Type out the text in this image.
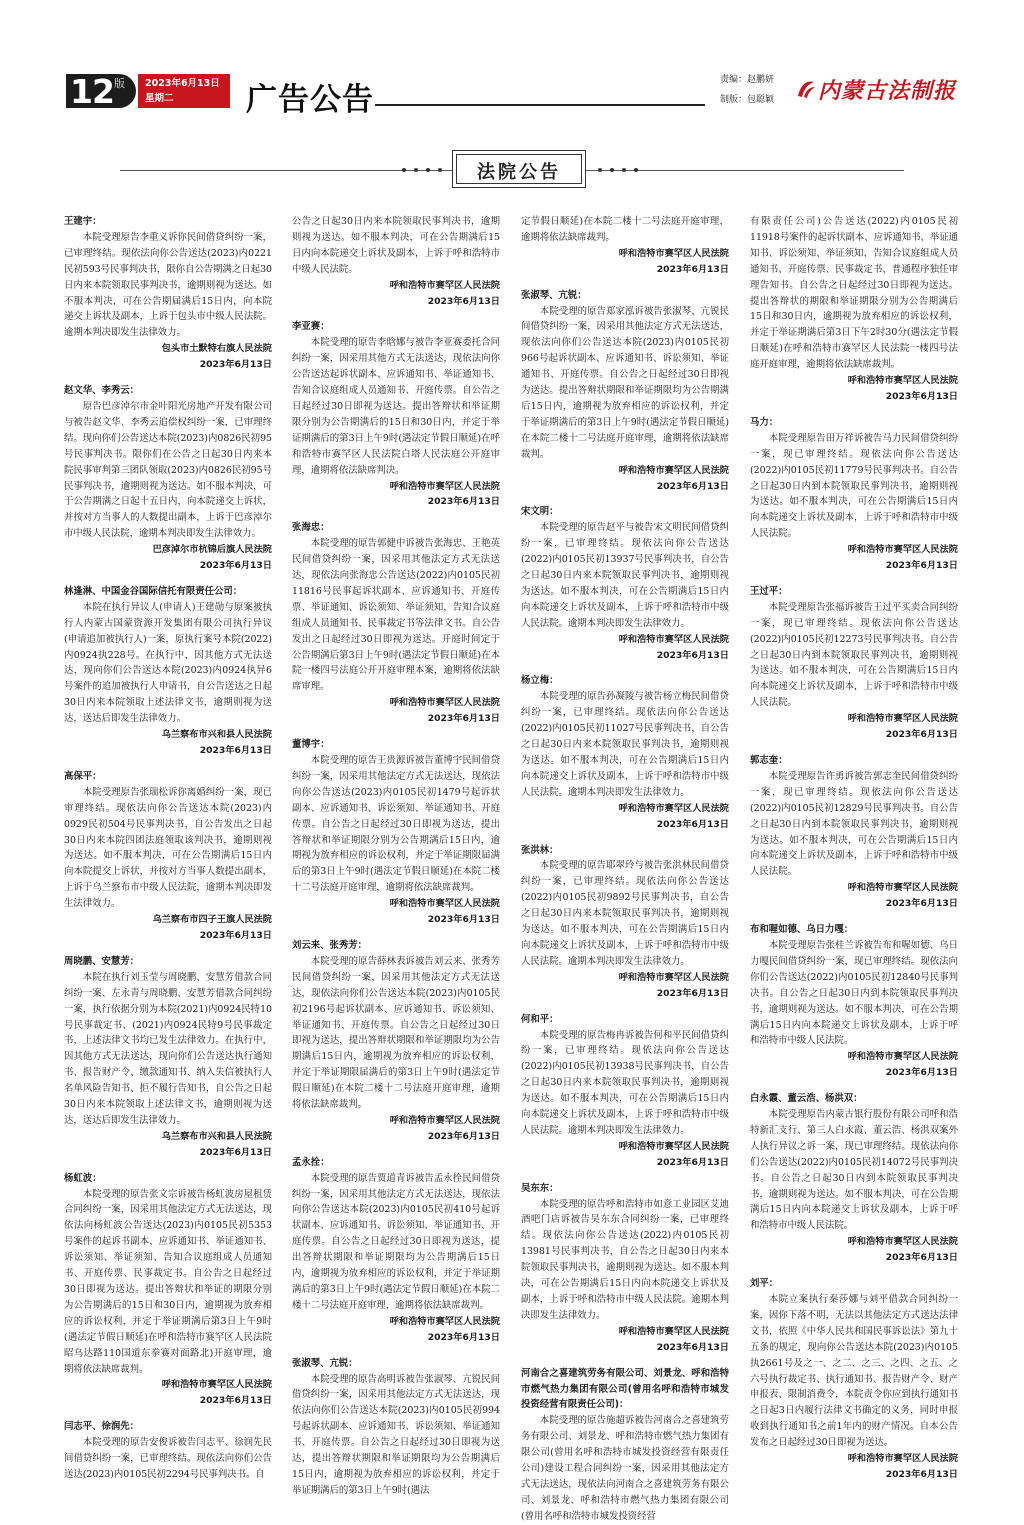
12 版 2023年6月13日
星期二	广告公告
责编：赵鹏妍
制版：包聪颖 内蒙古法制报
法院公告

王建宇：

本院受理原告李重义诉你民间借贷纠纷一案，已审理终结。现依法向你公告送达(2023)内0221民初593号民事判决书，限你自公告期满之日起30日内来本院领取民事判决书，逾期则视为送达。如不服本判决，可在公告期届满后15日内，向本院递交上诉状及副本，上诉于包头市中级人民法院。逾期本判决即发生法律效力。

包头市土默特右旗人民法院

2023年6月13日

赵文华、李秀云：

原告巴彦淖尔市金叶阳光房地产开发有限公司与被告赵文华、李秀云追偿权纠纷一案，已审理终结。现向你们公告送达本院(2023)内0826民初95号民事判决书。限你们在公告之日起30日内来本院民事审判第三团队领取(2023)内0826民初95号民事判决书，逾期则视为送达。如不服本判决，可于公告期满之日起十五日内，向本院递交上诉状，并按对方当事人的人数提出副本，上诉于巴彦淖尔市中级人民法院，逾期本判决即发生法律效力。

巴彦淖尔市杭锦后旗人民法院

2023年6月13日

林逢淋、中国金谷国际信托有限责任公司：

本院在执行异议人(申请人)王建勋与原案被执行人内蒙古国蒙资源开发集团有限公司执行异议(申请追加被执行人)一案，原执行案号本院(2022)内0924执228号。在执行中，因其他方式无法送达，现向你们公告送达本院(2023)内0924执异6号案件的追加被执行人申请书，自公告送达之日起30日内来本院领取上述法律文书，逾期则视为送达，送达后即发生法律效力。

乌兰察布市兴和县人民法院

2023年6月13日

高保平：

本院受理原告张瑞松诉你离婚纠纷一案，现已审理终结。现依法向你公告送达本院(2023)内0929民初504号民事判决书，自公告发出之日起30日内来本院四团法庭领取该判决书，逾期则视为送达。如不服本判决，可在公告期满后15日内向本院提交上诉状，并按对方当事人数提出副本，上诉于乌兰察布市中级人民法院，逾期本判决即发生法律效力。

乌兰察布市四子王旗人民法院

2023年6月13日

周晓鹏、安慧芳：

本院在执行刘玉莹与周晓鹏、安慧芳借款合同纠纷一案、左永青与周晓鹏、安慧芳借款合同纠纷一案，执行依据分别为本院(2021)内0924民特10号民事裁定书、(2021)内0924民特9号民事裁定书，上述法律文书均已发生法律效力。在执行中，因其他方式无法送达，现向你们公告送达执行通知书、报告财产令、缴款通知书、纳入失信被执行人名单风险告知书、拒不履行告知书，自公告之日起30日内来本院领取上述法律文书，逾期则视为送达，送达后即发生法律效力。

乌兰察布市兴和县人民法院

2023年6月13日

杨虹波：

本院受理的原告张文宗诉被告杨虹波房屋租赁合同纠纷一案，因采用其他法定方式无法送达，现依法向杨虹波公告送达(2023)内0105民初5353号案件的起诉书副本、应诉通知书、举证通知书、诉讼须知、举证须知、告知合议庭组成人员通知书、开庭传票、民事裁定书。自公告之日起经过30日即视为送达。提出答辩状和举证的期限分别为公告期满后的15日和30日内，逾期视为放弃相应的诉讼权利，并定于举证期满后第3日上午9时(遇法定节假日顺延)在呼和浩特市赛罕区人民法院昭乌达路110国道东拳赛对面路北)开庭审理，逾期将依法缺席裁判。

呼和浩特市赛罕区人民法院

2023年6月13日

闫志平、徐润先：

本院受理的原告安俊诉被告闫志平、徐润先民间借贷纠纷一案，已审理终结。现依法向你们公告送达(2023)内0105民初2294号民事判决书。自

公告之日起30日内来本院领取民事判决书，逾期则视为送达。如不服本判决，可在公告期满后15日内向本院递交上诉状及副本，上诉于呼和浩特市中级人民法院。

呼和浩特市赛罕区人民法院

2023年6月13日

李亚赛：

本院受理的原告李晗娜与被告李亚赛委托合同纠纷一案，因采用其他方式无法送达，现依法向你公告送达起诉状副本、应诉通知书、举证通知书、告知合议庭组成人员通知书、开庭传票。自公告之日起经过30日即视为送达。提出答辩状和举证期限分别为公告期满后的15日和30日内，并定于举证期满后的第3日上午9时(遇法定节假日顺延)在呼和浩特市赛罕区人民法院白塔人民法庭公开庭审理，逾期将依法缺席判决。

呼和浩特市赛罕区人民法院

2023年6月13日

张海忠：

本院受理的原告郭健中诉被告张海忠、王艳英民间借贷纠纷一案，因采用其他法定方式无法送达，现依法向张海忠公告送达(2022)内0105民初11816号民事起诉状副本、应诉通知书、开庭传票、举证通知、诉讼须知、举证须知，告知合议庭组成人员通知书、民事裁定书等法律文书。自公告发出之日起经过30日即视为送达。开庭时间定于公告期满后第3日上午9时(遇法定节假日顺延)在本院一楼四号法庭公开开庭审理本案，逾期将依法缺席审理。

呼和浩特市赛罕区人民法院

2023年6月13日

董博宇：

本院受理的原告王贵源诉被告董博宇民间借贷纠纷一案，因采用其他法定方式无法送达，现依法向你公告送达(2023)内0105民初1479号起诉状副本、应诉通知书、诉讼须知、举证通知书、开庭传票。自公告之日起经过30日即视为送达，提出答辩状和举证期限分别为公告期满后15日内，逾期视为放弃相应的诉讼权利，并定于举证期限届满后的第3日上午9时(遇法定节假日顺延)在本院二楼十二号法庭开庭审理，逾期将依法缺席裁判。

呼和浩特市赛罕区人民法院

2023年6月13日

刘云来、张秀芳：

本院受理的原告薛林表诉被告刘云来、张秀芳民间借贷纠纷一案，因采用其他法定方式无法送达，现依法向你们公告送达本院(2023)内0105民初2196号起诉状副本、应诉通知书、诉讼须知、举证通知书、开庭传票。自公告之日起经过30日即视为送达，提出答辩状期限和举证期限均为公告期满后15日内，逾期视为放弃相应的诉讼权利，并定于举证期限届满后的第3日上午9时(遇法定节假日顺延)在本院二楼十二号法庭开庭审理，逾期将依法缺席裁判。

呼和浩特市赛罕区人民法院

2023年6月13日

孟永拴：

本院受理的原告贾道青诉被告孟永拴民间借贷纠纷一案，因采用其他法定方式无法送达，现依法向你公告送达本院(2023)内0105民初410号起诉状副本、应诉通知书、诉讼须知、举证通知书、开庭传票。自公告之日起经过30日即视为送达，提出答辩状期限和举证期限均为公告期满后15日内，逾期视为放弃相应的诉讼权利，并定于举证期满后的第3日上午9时(遇法定节假日顺延)在本院二楼十二号法庭开庭审理，逾期将依法缺席裁判。

呼和浩特市赛罕区人民法院

2023年6月13日

张淑琴、亢锐：

本院受理的原告高明诉被告张淑琴、亢锐民间借贷纠纷一案，因采用其他法定方式无法送达，现依法向你们公告送达本院(2023)内0105民初994号起诉状副本、应诉通知书、诉讼须知、举证通知书、开庭传票。自公告之日起经过30日即视为送达，提出答辩状期限和举证期限均为公告期满后15日内，逾期视为放弃相应的诉讼权利，并定于举证期满后的第3日上午9时(遇法

定节假日顺延)在本院二楼十二号法庭开庭审理，逾期将依法缺席裁判。

呼和浩特市赛罕区人民法院

2023年6月13日

张淑琴、亢锐：

本院受理的原告郑家泓诉被告张淑琴、亢锐民间借贷纠纷一案，因采用其他法定方式无法送达，现依法向你们公告送达本院(2023)内0105民初966号起诉状副本、应诉通知书、诉讼须知、举证通知书、开庭传票。自公告之日起经过30日即视为送达。提出答辩状期限和举证期限均为公告期满后15日内，逾期视为放弃相应的诉讼权利，并定于举证期满后的第3日上午9时(遇法定节假日顺延)在本院二楼十二号法庭开庭审理，逾期将依法缺席裁判。

呼和浩特市赛罕区人民法院

2023年6月13日

宋文明：

本院受理的原告赵平与被告宋文明民间借贷纠纷一案，已审理终结。现依法向你公告送达(2022)内0105民初13937号民事判决书，自公告之日起30日内来本院领取民事判决书，逾期则视为送达。如不服本判决，可在公告期满后15日内向本院递交上诉状及副本，上诉于呼和浩特市中级人民法院。逾期本判决即发生法律效力。

呼和浩特市赛罕区人民法院

2023年6月13日

杨立梅：

本院受理的原告孙凝陵与被告杨立梅民间借贷纠纷一案，已审理终结。现依法向你公告送达(2022)内0105民初11027号民事判决书，自公告之日起30日内来本院领取民事判决书，逾期则视为送达。如不服本判决，可在公告期满后15日内向本院递交上诉状及副本，上诉于呼和浩特市中级人民法院。逾期本判决即发生法律效力。

呼和浩特市赛罕区人民法院

2023年6月13日

张洪林：

本院受理的原告耶翠玲与被告张洪林民间借贷纠纷一案，已审理终结。现依法向你公告送达(2022)内0105民初9892号民事判决书，自公告之日起30日内来本院领取民事判决书，逾期则视为送达。如不服本判决，可在公告期满后15日内向本院递交上诉状及副本，上诉于呼和浩特市中级人民法院。逾期本判决即发生法律效力。

呼和浩特市赛罕区人民法院

2023年6月13日

何和平：

本院受理的原告梅冉诉被告何和平民间借贷纠纷一案，已审理终结。现依法向你公告送达(2022)内0105民初13938号民事判决书，自公告之日起30日内来本院领取民事判决书，逾期则视为送达。如不服本判决，可在公告期满后15日内向本院递交上诉状及副本，上诉于呼和浩特市中级人民法院。逾期本判决即发生法律效力。

呼和浩特市赛罕区人民法院

2023年6月13日

吴东东：

本院受理的原告呼和浩特市如意工业园区艾迪酒吧门店诉被告吴东东合同纠纷一案，已审理终结。现依法向你公告送达(2022)内0105民初13981号民事判决书，自公告之日起30日内来本院领取民事判决书，逾期则视为送达。如不服本判决，可在公告期满后15日内向本院递交上诉状及副本，上诉于呼和浩特市中级人民法院。逾期本判决即发生法律效力。

呼和浩特市赛罕区人民法院

2023年6月13日

河南合之喜建筑劳务有限公司、刘景龙、呼和浩特市燃气热力集团有限公司(曾用名呼和浩特市城发投资经营有限责任公司)：

本院受理的原告施超诉被告河南合之喜建筑劳务有限公司、刘景龙、呼和浩特市燃气热力集团有限公司(曾用名呼和浩特市城发投资经营有限责任公司)建设工程合同纠纷一案，因采用其他法定方式无法送达，现依法向河南合之喜建筑劳务有限公司、刘景龙、呼和浩特市燃气热力集团有限公司(曾用名呼和浩特市城发投资经营

有限责任公司)公告送达(2022)内0105民初11918号案件的起诉状副本、应诉通知书、举证通知书、诉讼须知、举证须知、告知合议庭组成人员通知书、开庭传票、民事裁定书、普通程序独任审理告知书。自公告之日起经过30日即视为送达。提出答辩状的期限和举证期限分别为公告期满后15日和30日内，逾期视为放弃相应的诉讼权利，并定于举证期满后第3日下午2时30分(遇法定节假日顺延)在呼和浩特市赛罕区人民法院一楼四号法庭开庭审理，逾期将依法缺席裁判。

呼和浩特市赛罕区人民法院

2023年6月13日

马力：

本院受理原告田万祥诉被告马力民间借贷纠纷一案，现已审理终结。现依法向你公告送达(2022)内0105民初11779号民事判决书。自公告之日起30日内到本院领取民事判决书，逾期则视为送达。如不服本判决，可在公告期满后15日内向本院递交上诉状及副本，上诉于呼和浩特市中级人民法院。

呼和浩特市赛罕区人民法院

2023年6月13日

王过平：

本院受理原告张福诉被告王过平买卖合同纠纷一案，现已审理终结。现依法向你公告送达(2022)内0105民初12273号民事判决书。自公告之日起30日内到本院领取民事判决书，逾期则视为送达。如不服本判决，可在公告期满后15日内向本院递交上诉状及副本，上诉于呼和浩特市中级人民法院。

呼和浩特市赛罕区人民法院

2023年6月13日

郭志奎：

本院受理原告许勇诉被告郭志奎民间借贷纠纷一案，现已审理终结。现依法向你公告送达(2022)内0105民初12829号民事判决书。自公告之日起30日内到本院领取民事判决书，逾期则视为送达。如不服本判决，可在公告期满后15日内向本院递交上诉状及副本，上诉于呼和浩特市中级人民法院。

呼和浩特市赛罕区人民法院

2023年6月13日

布和喔如德、乌日力嘎：

本院受理原告张桂兰诉被告布和喔如德、乌日力嘎民间借贷纠纷一案，现已审理终结。现依法向你们公告送达(2022)内0105民初12840号民事判决书。自公告之日起30日内到本院领取民事判决书，逾期则视为送达。如不服本判决，可在公告期满后15日内向本院递交上诉状及副本，上诉于呼和浩特市中级人民法院。

呼和浩特市赛罕区人民法院

2023年6月13日

白永霞、董云浩、杨洪双：

本院受理原告内蒙古银行股份有限公司呼和浩特新汇支行、第三人白永霞、董云浩、杨洪双案外人执行异议之诉一案，现已审理终结。现依法向你们公告送达(2022)内0105民初14072号民事判决书。自公告之日起30日内到本院领取民事判决书，逾期则视为送达。如不服本判决，可在公告期满后15日内向本院递交上诉状及副本，上诉于呼和浩特市中级人民法院。

呼和浩特市赛罕区人民法院

2023年6月13日

刘平：

本院立案执行秦莎娜与刘平借款合同纠纷一案，因你下落不明，无法以其他法定方式送达法律文书，依照《中华人民共和国民事诉讼法》第九十五条的规定，现向你公告送达本院(2023)内0105执2661号及之一、之二、之三、之四、之五、之六号执行裁定书、执行通知书、报告财产令、财产申报表、限制消费令，本院责令你应到执行通知书之日起3日内履行法律文书确定的义务，同时申报收到执行通知书之前1年内的财产情况。自本公告发布之日起经过30日即视为送达。

呼和浩特市赛罕区人民法院

2023年6月13日
